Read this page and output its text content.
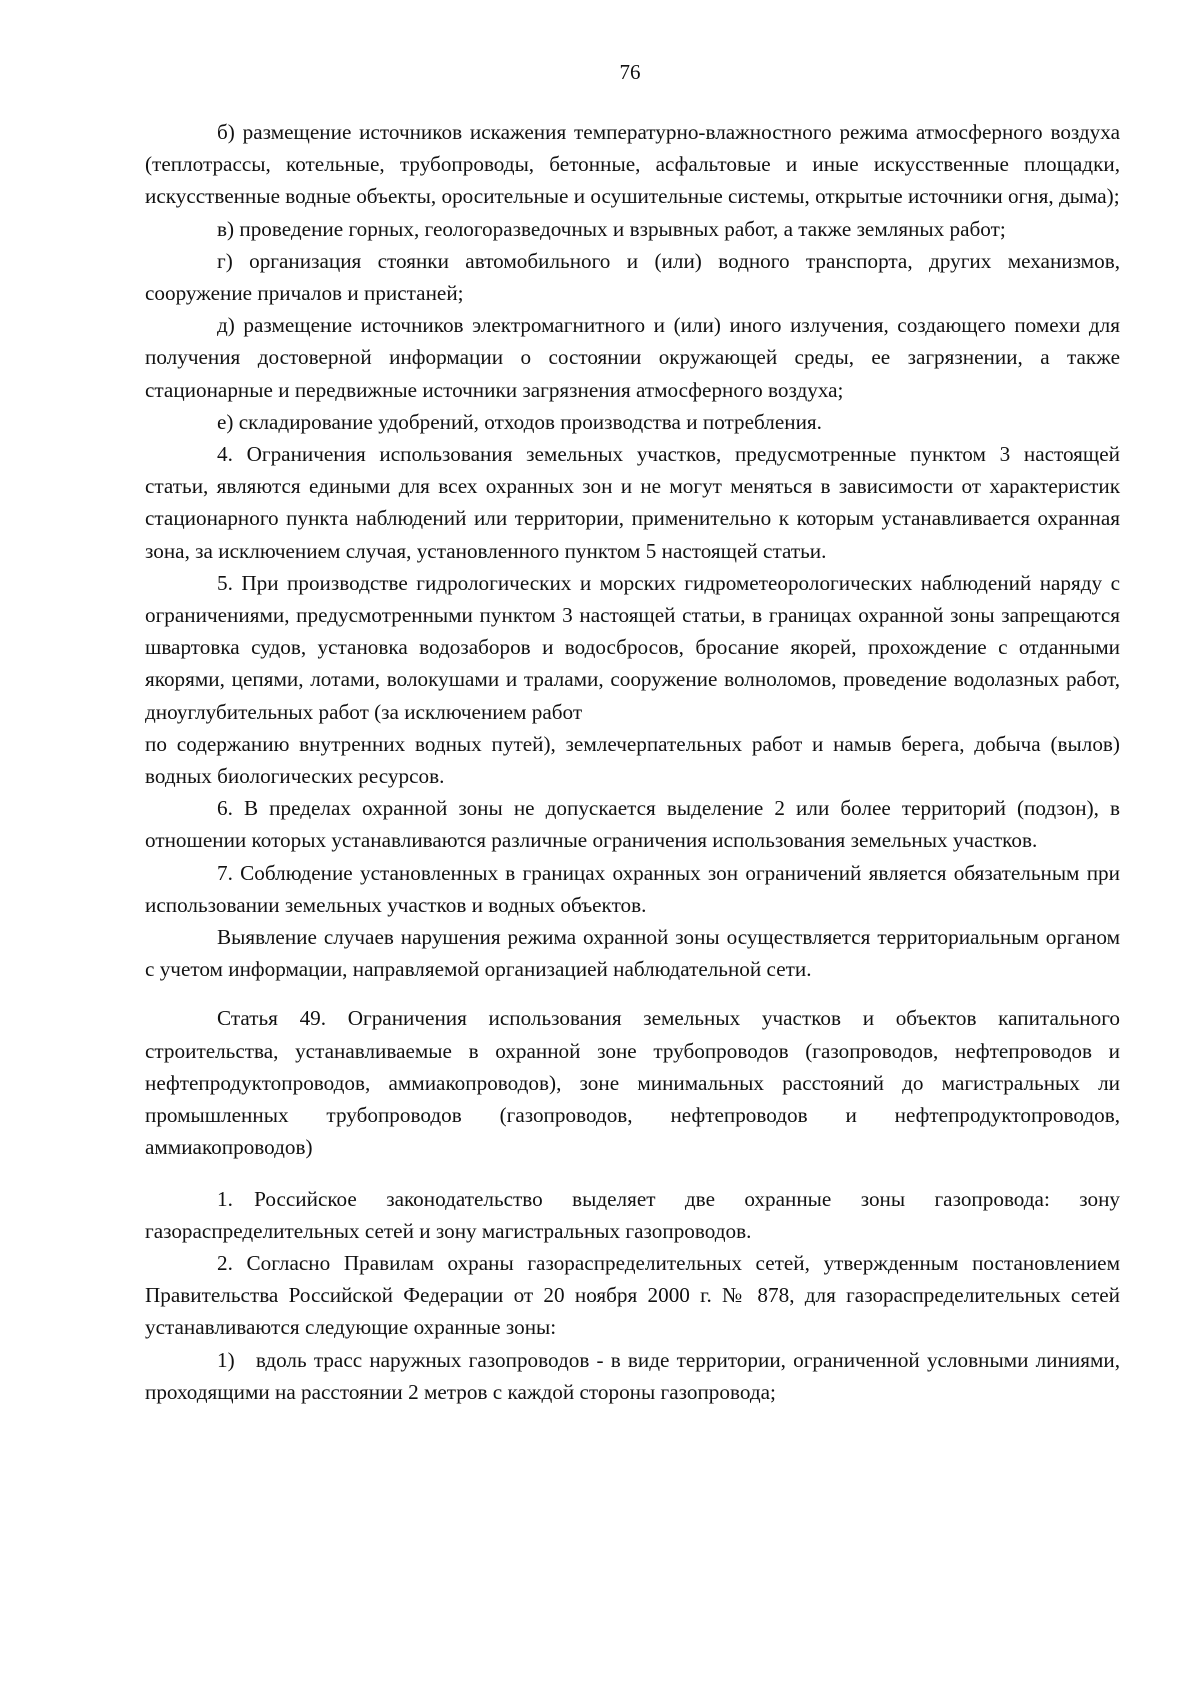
76

б) размещение источников искажения температурно-влажностного режима атмосферного воздуха (теплотрассы, котельные, трубопроводы, бетонные, асфальтовые и иные искусственные площадки, искусственные водные объекты, оросительные и осушительные системы, открытые источники огня, дыма);

в) проведение горных, геологоразведочных и взрывных работ, а также земляных работ;

г) организация стоянки автомобильного и (или) водного транспорта, других механизмов, сооружение причалов и пристаней;

д) размещение источников электромагнитного и (или) иного излучения, создающего помехи для получения достоверной информации о состоянии окружающей среды, ее загрязнении, а также стационарные и передвижные источники загрязнения атмосферного воздуха;

е) складирование удобрений, отходов производства и потребления.

4. Ограничения использования земельных участков, предусмотренные пунктом 3 настоящей статьи, являются едиными для всех охранных зон и не могут меняться в зависимости от характеристик стационарного пункта наблюдений или территории, применительно к которым устанавливается охранная зона, за исключением случая, установленного пунктом 5 настоящей статьи.

5. При производстве гидрологических и морских гидрометеорологических наблюдений наряду с ограничениями, предусмотренными пунктом 3 настоящей статьи, в границах охранной зоны запрещаются швартовка судов, установка водозаборов и водосбросов, бросание якорей, прохождение с отданными якорями, цепями, лотами, волокушами и тралами, сооружение волноломов, проведение водолазных работ, дноуглубительных работ (за исключением работ

по содержанию внутренних водных путей), землечерпательных работ и намыв берега, добыча (вылов) водных биологических ресурсов.

6. В пределах охранной зоны не допускается выделение 2 или более территорий (подзон), в отношении которых устанавливаются различные ограничения использования земельных участков.

7. Соблюдение установленных в границах охранных зон ограничений является обязательным при использовании земельных участков и водных объектов.

Выявление случаев нарушения режима охранной зоны осуществляется территориальным органом с учетом информации, направляемой организацией наблюдательной сети.

Статья 49. Ограничения использования земельных участков и объектов капитального строительства, устанавливаемые в охранной зоне трубопроводов (газопроводов, нефтепроводов и нефтепродуктопроводов, аммиакопроводов), зоне минимальных расстояний до магистральных ли промышленных трубопроводов (газопроводов, нефтепроводов и нефтепродуктопроводов, аммиакопроводов)

1. Российское законодательство выделяет две охранные зоны газопровода: зону газораспределительных сетей и зону магистральных газопроводов.

2. Согласно Правилам охраны газораспределительных сетей, утвержденным постановлением Правительства Российской Федерации от 20 ноября 2000 г. № 878, для газораспределительных сетей устанавливаются следующие охранные зоны:

1) вдоль трасс наружных газопроводов - в виде территории, ограниченной условными линиями, проходящими на расстоянии 2 метров с каждой стороны газопровода;
